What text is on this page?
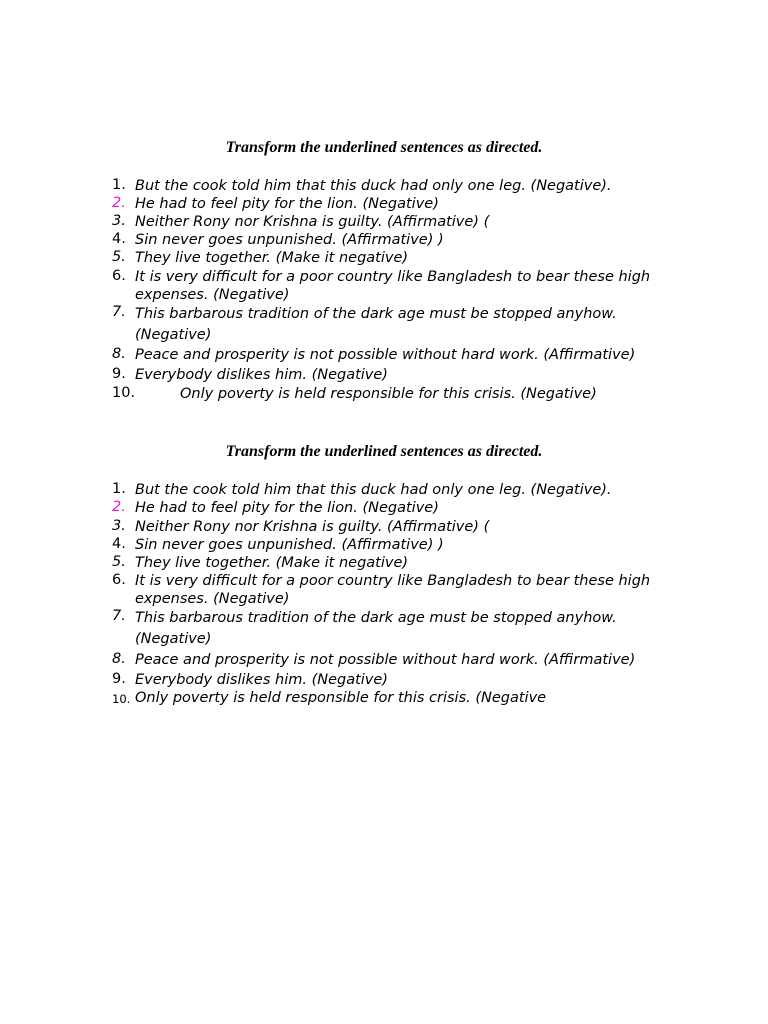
Transform the underlined sentences as directed.
1. But the cook told him that this duck had only one leg. (Negative).
2. He had to feel pity for the lion. (Negative)
3. Neither Rony nor Krishna is guilty. (Affirmative) (
4. Sin never goes unpunished. (Affirmative) )
5. They live together. (Make it negative)
6. It is very difficult for a poor country like Bangladesh to bear these high expenses. (Negative)
7. This barbarous tradition of the dark age must be stopped anyhow. (Negative)
8. Peace and prosperity is not possible without hard work. (Affirmative)
9. Everybody dislikes him. (Negative)
10.	Only poverty is held responsible for this crisis. (Negative)
Transform the underlined sentences as directed.
1. But the cook told him that this duck had only one leg. (Negative).
2. He had to feel pity for the lion. (Negative)
3. Neither Rony nor Krishna is guilty. (Affirmative) (
4. Sin never goes unpunished. (Affirmative) )
5. They live together. (Make it negative)
6. It is very difficult for a poor country like Bangladesh to bear these high expenses. (Negative)
7. This barbarous tradition of the dark age must be stopped anyhow. (Negative)
8. Peace and prosperity is not possible without hard work. (Affirmative)
9. Everybody dislikes him. (Negative)
10. Only poverty is held responsible for this crisis. (Negative
